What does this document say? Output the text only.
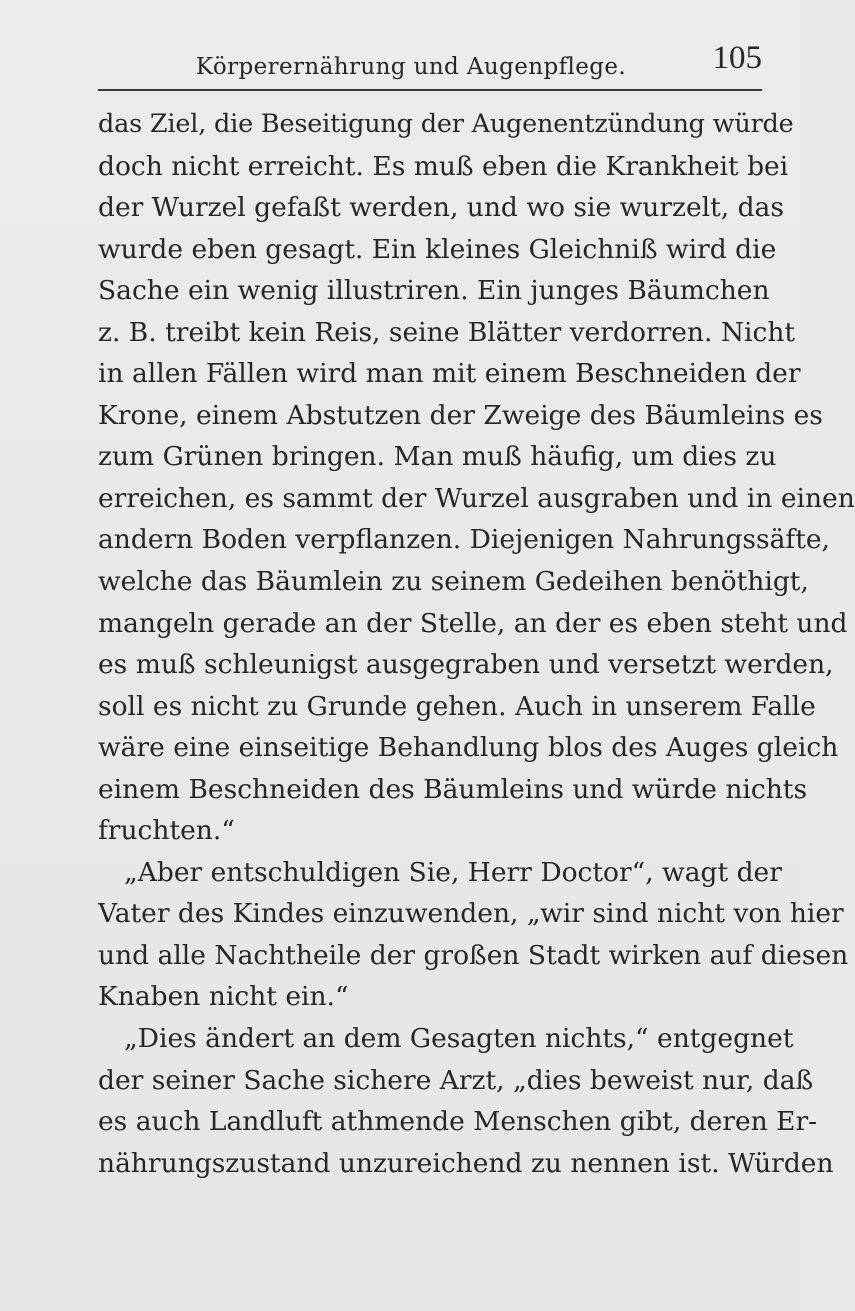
Körperernährung und Augenpflege.	105
das Ziel, die Beseitigung der Augenentzündung würde
doch nicht erreicht. Es muß eben die Krankheit bei
der Wurzel gefaßt werden, und wo sie wurzelt, das
wurde eben gesagt. Ein kleines Gleichniß wird die
Sache ein wenig illustriren. Ein junges Bäumchen
z. B. treibt kein Reis, seine Blätter verdorren. Nicht
in allen Fällen wird man mit einem Beschneiden der
Krone, einem Abstutzen der Zweige des Bäumleins es
zum Grünen bringen. Man muß häufig, um dies zu
erreichen, es sammt der Wurzel ausgraben und in einen
andern Boden verpflanzen. Diejenigen Nahrungssäfte,
welche das Bäumlein zu seinem Gedeihen benöthigt,
mangeln gerade an der Stelle, an der es eben steht und
es muß schleunigst ausgegraben und versetzt werden,
soll es nicht zu Grunde gehen. Auch in unserem Falle
wäre eine einseitige Behandlung blos des Auges gleich
einem Beschneiden des Bäumleins und würde nichts
fruchten.“
„Aber entschuldigen Sie, Herr Doctor“, wagt der
Vater des Kindes einzuwenden, „wir sind nicht von hier
und alle Nachtheile der großen Stadt wirken auf diesen
Knaben nicht ein.“
„Dies ändert an dem Gesagten nichts,“ entgegnet
der seiner Sache sichere Arzt, „dies beweist nur, daß
es auch Landluft athmende Menschen gibt, deren Er-
nährungszustand unzureichend zu nennen ist. Würden
